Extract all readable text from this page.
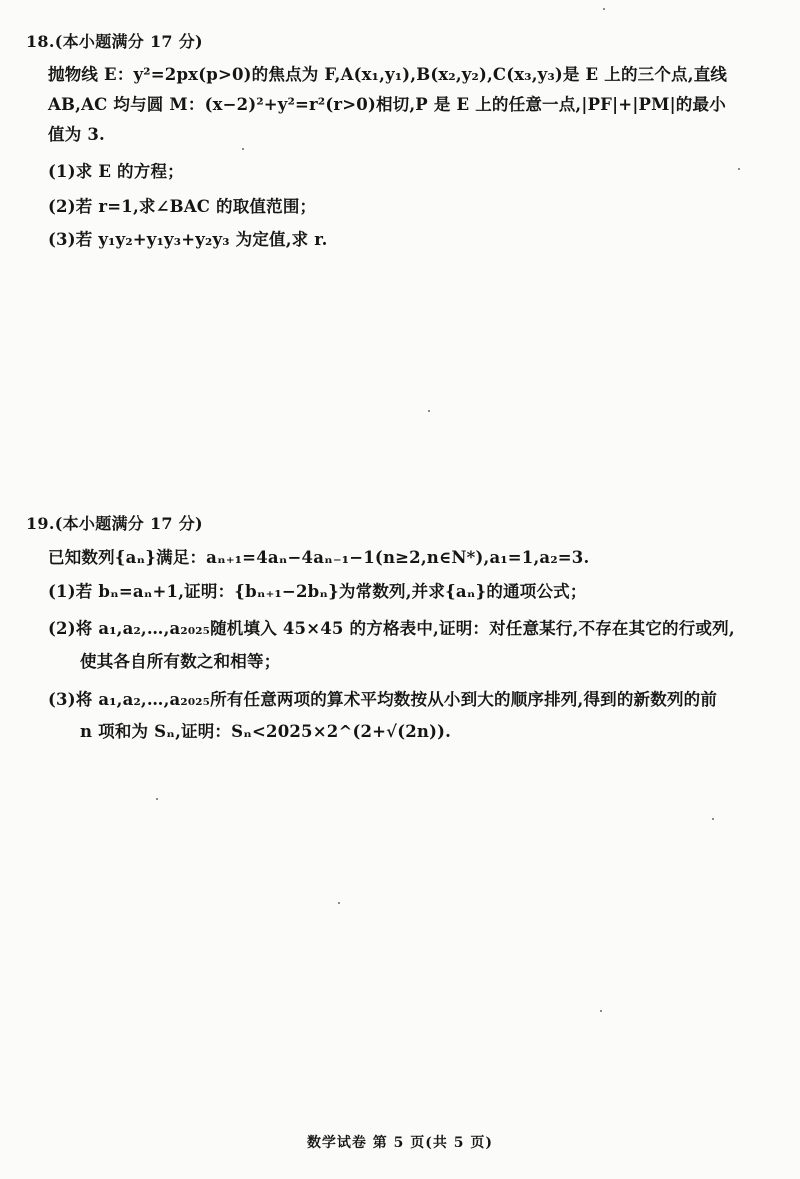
18.(本小题满分 17 分)
抛物线 E：y²=2px(p>0)的焦点为 F,A(x₁,y₁),B(x₂,y₂),C(x₃,y₃)是 E 上的三个点,直线
AB,AC 均与圆 M：(x−2)²+y²=r²(r>0)相切,P 是 E 上的任意一点,|PF|+|PM|的最小
值为 3.
(1)求 E 的方程；
(2)若 r=1,求∠BAC 的取值范围；
(3)若 y₁y₂+y₁y₃+y₂y₃ 为定值,求 r.
19.(本小题满分 17 分)
已知数列{aₙ}满足：aₙ₊₁=4aₙ−4aₙ₋₁−1(n≥2,n∈N*),a₁=1,a₂=3.
(1)若 bₙ=aₙ+1,证明：{bₙ₊₁−2bₙ}为常数列,并求{aₙ}的通项公式；
(2)将 a₁,a₂,…,a₂₀₂₅随机填入 45×45 的方格表中,证明：对任意某行,不存在其它的行或列,
使其各自所有数之和相等；
(3)将 a₁,a₂,…,a₂₀₂₅所有任意两项的算术平均数按从小到大的顺序排列,得到的新数列的前
n 项和为 Sₙ,证明：Sₙ<2025×2^(2+√(2n)).
数学试卷 第 5 页(共 5 页)
